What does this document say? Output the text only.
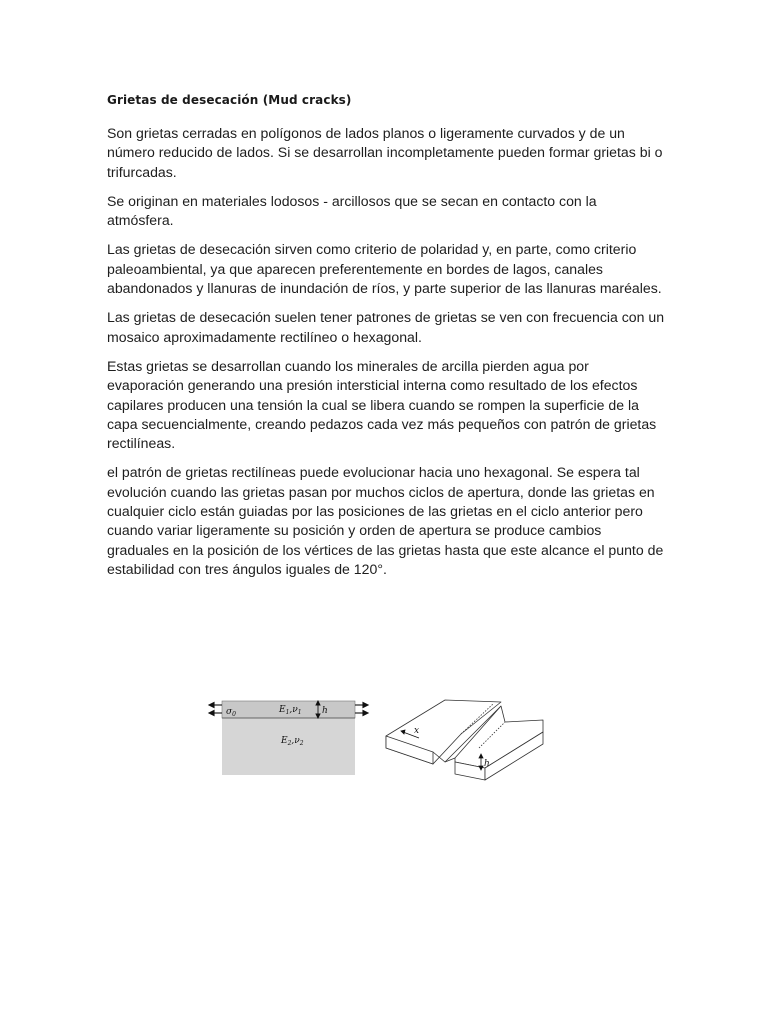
Grietas de desecación (Mud cracks)

Son grietas cerradas en polígonos de lados planos o ligeramente curvados y de un número reducido de lados. Si se desarrollan incompletamente pueden formar grietas bi o trifurcadas.

Se originan en materiales lodosos - arcillosos que se secan en contacto con la atmósfera.

Las grietas de desecación sirven como criterio de polaridad y, en parte, como criterio paleoambiental, ya que aparecen preferentemente en bordes de lagos, canales abandonados y llanuras de inundación de ríos, y parte superior de las llanuras maréales.

Las grietas de desecación suelen tener patrones de grietas se ven con frecuencia con un mosaico aproximadamente rectilíneo o hexagonal.

Estas grietas se desarrollan cuando los minerales de arcilla pierden agua por evaporación generando una presión intersticial interna como resultado de los efectos capilares producen una tensión la cual se libera cuando se rompen la superficie de la capa secuencialmente, creando pedazos cada vez más pequeños con patrón de grietas rectilíneas.

el patrón de grietas rectilíneas puede evolucionar hacia uno hexagonal. Se espera tal evolución cuando las grietas pasan por muchos ciclos de apertura, donde las grietas en cualquier ciclo están guiadas por las posiciones de las grietas en el ciclo anterior pero cuando variar ligeramente su posición y orden de apertura se produce cambios graduales en la posición de los vértices de las grietas hasta que este alcance el punto de estabilidad con tres ángulos iguales de 120°.

$\sigma_0$	$E_1,\nu_1$ h
$E_2,\nu_2$
x
h
